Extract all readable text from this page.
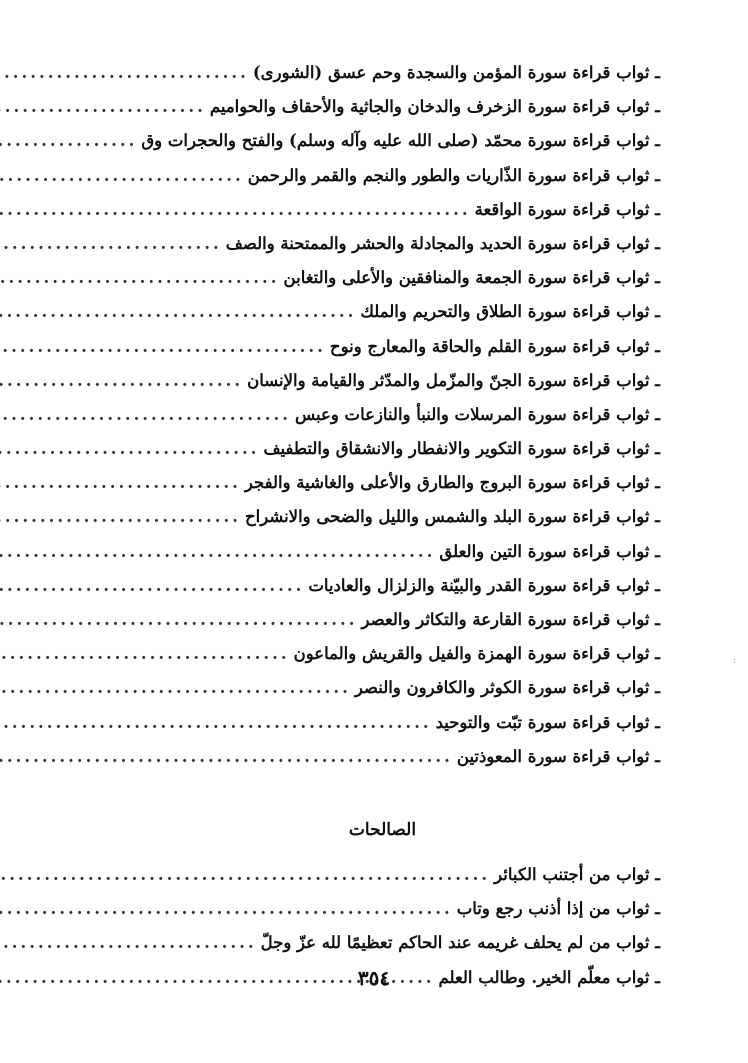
ـ ثواب قراءة سورة المؤمن والسجدة وحم عسق (الشورى)
.....
ـ ثواب قراءة سورة الزخرف والدخان والجاثية والأحقاف والحواميم
.....
ـ ثواب قراءة سورة محمّد (صلى الله عليه وآله وسلم) والفتح والحجرات وق
.....
ـ ثواب قراءة سورة الذّاريات والطور والنجم والقمر والرحمن
.....
ـ ثواب قراءة سورة الواقعة
.....
ـ ثواب قراءة سورة الحديد والمجادلة والحشر والممتحنة والصف
.....
ـ ثواب قراءة سورة الجمعة والمنافقين والأعلى والتغابن
.....
ـ ثواب قراءة سورة الطلاق والتحريم والملك
.....
ـ ثواب قراءة سورة القلم والحاقة والمعارج ونوح
.....
ـ ثواب قراءة سورة الجنّ والمزّمل والمدّثر والقيامة والإنسان
.....
ـ ثواب قراءة سورة المرسلات والنبأ والنازعات وعبس
.....
ـ ثواب قراءة سورة التكوير والانفطار والانشقاق والتطفيف
.....
ـ ثواب قراءة سورة البروج والطارق والأعلى والغاشية والفجر
.....
ـ ثواب قراءة سورة البلد والشمس والليل والضحى والانشراح
.....
ـ ثواب قراءة سورة التين والعلق
.....
ـ ثواب قراءة سورة القدر والبيّنة والزلزال والعاديات
.....
ـ ثواب قراءة سورة القارعة والتكاثر والعصر
.....
ـ ثواب قراءة سورة الهمزة والفيل والقريش والماعون
.....
ـ ثواب قراءة سورة الكوثر والكافرون والنصر
.....
ـ ثواب قراءة سورة تبّت والتوحيد
.....
ـ ثواب قراءة سورة المعوذتين
.....
الصالحات
ـ ثواب من أجتنب الكبائر
.....
ـ ثواب من إذا أذنب رجع وتاب
.....
ـ ثواب من لم يحلف غريمه عند الحاكم تعظيمًا لله عزّ وجلّ
.....
ـ ثواب معلّم الخير. وطالب العلم
.....
٣٥٤
:
